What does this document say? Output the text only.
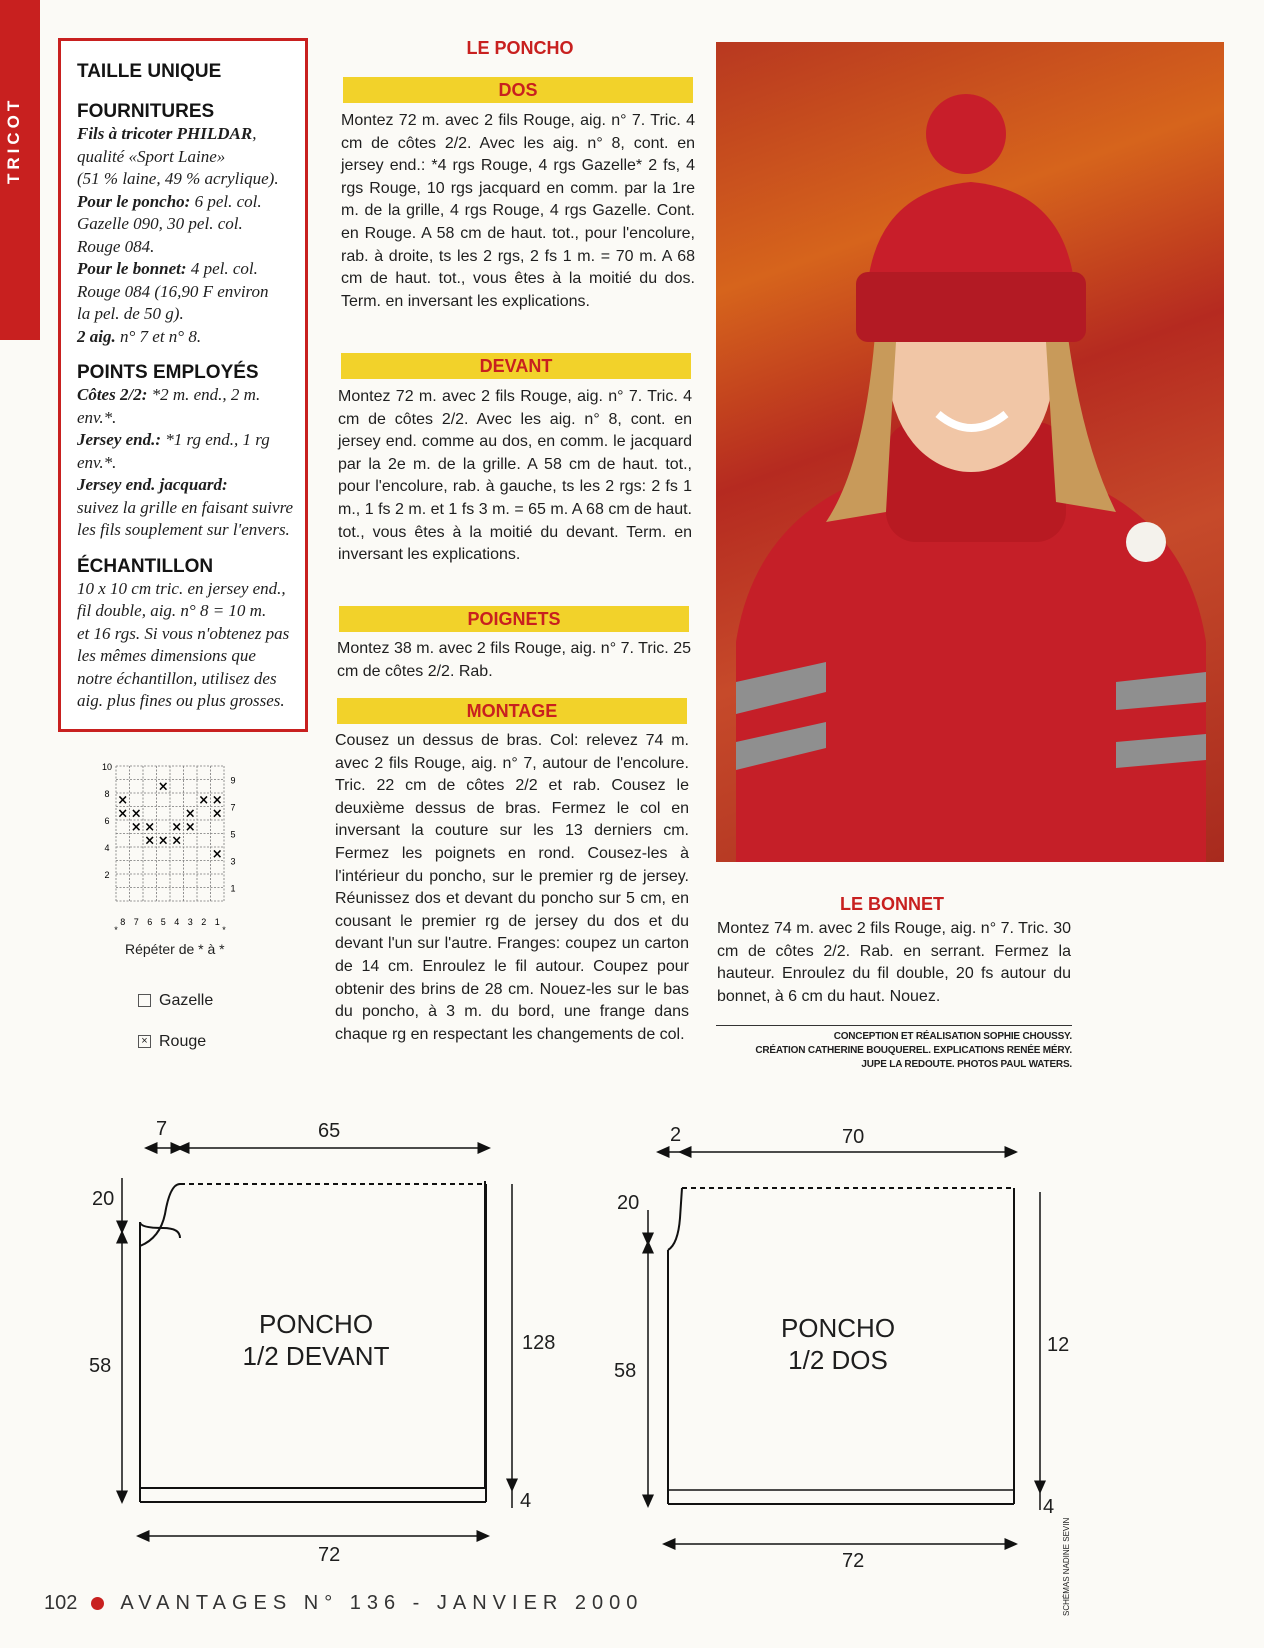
TRICOT
TAILLE UNIQUE
FOURNITURES

Fils à tricoter PHILDAR,

qualité «Sport Laine»

(51 % laine, 49 % acrylique).

Pour le poncho: 6 pel. col.

Gazelle 090, 30 pel. col.

Rouge 084.

Pour le bonnet: 4 pel. col.

Rouge 084 (16,90 F environ

la pel. de 50 g).

2 aig. n° 7 et n° 8.

POINTS EMPLOYÉS

Côtes 2/2: *2 m. end., 2 m. env.*.

Jersey end.: *1 rg end., 1 rg env.*.

Jersey end. jacquard:

suivez la grille en faisant suivre

les fils souplement sur l'envers.

ÉCHANTILLON

10 x 10 cm tric. en jersey end.,

fil double, aig. n° 8 = 10 m.

et 16 rgs. Si vous n'obtenez pas

les mêmes dimensions que

notre échantillon, utilisez des

aig. plus fines ou plus grosses.

×
×	× ×
× ×	× ×
× × × ×
× × ×
×
10
8
6
4
2
9
7
5
3
1
8 7 6 5 4 3 2 1
*	*
Répéter de * à *
Gazelle
× Rouge
LE PONCHO
DOS
Montez 72 m. avec 2 fils Rouge, aig. n° 7. Tric. 4 cm de côtes 2/2. Avec les aig. n° 8, cont. en jersey end.: *4 rgs Rouge, 4 rgs Gazelle* 2 fs, 4 rgs Rouge, 10 rgs jacquard en comm. par la 1re m. de la grille, 4 rgs Rouge, 4 rgs Gazelle. Cont. en Rouge. A 58 cm de haut. tot., pour l'encolure, rab. à droite, ts les 2 rgs, 2 fs 1 m. = 70 m. A 68 cm de haut. tot., vous êtes à la moitié du dos. Term. en inversant les explications.
DEVANT
Montez 72 m. avec 2 fils Rouge, aig. n° 7. Tric. 4 cm de côtes 2/2. Avec les aig. n° 8, cont. en jersey end. comme au dos, en comm. le jacquard par la 2e m. de la grille. A 58 cm de haut. tot., pour l'encolure, rab. à gauche, ts les 2 rgs: 2 fs 1 m., 1 fs 2 m. et 1 fs 3 m. = 65 m. A 68 cm de haut. tot., vous êtes à la moitié du devant. Term. en inversant les explications.
POIGNETS
Montez 38 m. avec 2 fils Rouge, aig. n° 7. Tric. 25 cm de côtes 2/2. Rab.
MONTAGE
Cousez un dessus de bras. Col: relevez 74 m. avec 2 fils Rouge, aig. n° 7, autour de l'encolure. Tric. 22 cm de côtes 2/2 et rab. Cousez le deuxième dessus de bras. Fermez le col en inversant la couture sur les 13 derniers cm. Fermez les poignets en rond. Cousez-les à l'intérieur du poncho, sur le premier rg de jersey. Réunissez dos et devant du poncho sur 5 cm, en cousant le premier rg de jersey du dos et du devant l'un sur l'autre. Franges: coupez un carton de 14 cm. Enroulez le fil autour. Coupez pour obtenir des brins de 28 cm. Nouez-les sur le bas du poncho, à 3 m. du bord, une frange dans chaque rg en respectant les changements de col.
LE BONNET
Montez 74 m. avec 2 fils Rouge, aig. n° 7. Tric. 30 cm de côtes 2/2. Rab. en serrant. Fermez la hauteur. Enroulez du fil double, 20 fs autour du bonnet, à 6 cm du haut. Nouez.
CONCEPTION ET RÉALISATION SOPHIE CHOUSSY.
CRÉATION CATHERINE BOUQUEREL. EXPLICATIONS RENÉE MÉRY.
JUPE LA REDOUTE. PHOTOS PAUL WATERS.
7	65
20
58
128
4
72
PONCHO
1/2 DEVANT
2	70
20
58
12
4
72
PONCHO
1/2 DOS
SCHÉMAS NADINE SEVIN
102 AVANTAGES N° 136 - JANVIER 2000
